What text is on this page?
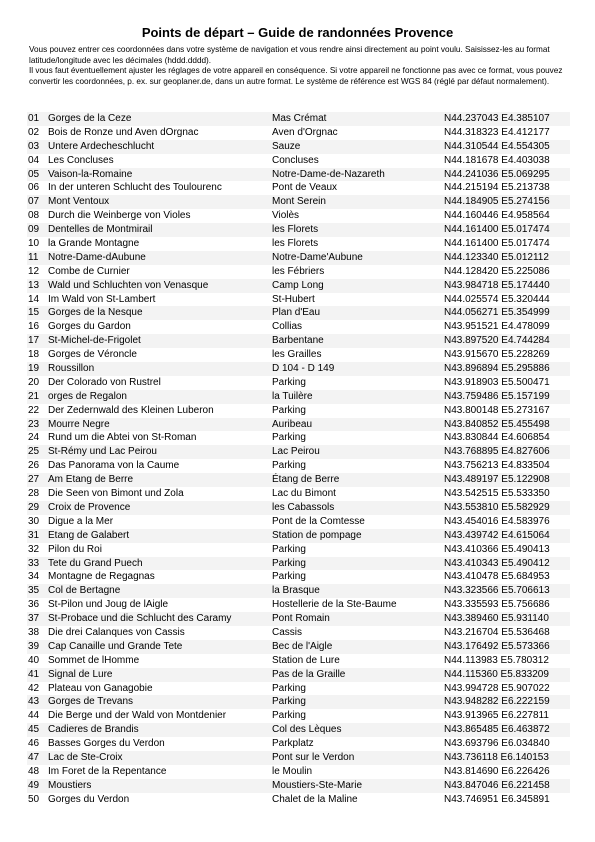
Points de départ – Guide de randonnées Provence

Vous pouvez entrer ces coordonnées dans votre système de navigation et vous rendre ainsi directement au point voulu. Saisissez-les au format latitude/longitude avec les décimales (hddd.dddd).

Il vous faut éventuellement ajuster les réglages de votre appareil en conséquence. Si votre appareil ne fonctionne pas avec ce format, vous pouvez convertir les coordonnées, p. ex. sur geoplaner.de, dans un autre format. Le système de référence est WGS 84 (réglé par défaut normalement).

01 Gorges de la Ceze	Mas Crémat	N44.237043 E4.385107
02 Bois de Ronze und Aven dOrgnac	Aven d'Orgnac	N44.318323 E4.412177
03 Untere Ardecheschlucht	Sauze	N44.310544 E4.554305
04 Les Concluses	Concluses	N44.181678 E4.403038
05 Vaison-la-Romaine	Notre-Dame-de-Nazareth	N44.241036 E5.069295
06 In der unteren Schlucht des Toulourenc	Pont de Veaux	N44.215194 E5.213738
07 Mont Ventoux	Mont Serein	N44.184905 E5.274156
08 Durch die Weinberge von Violes	Violès	N44.160446 E4.958564
09 Dentelles de Montmirail	les Florets	N44.161400 E5.017474
10 la Grande Montagne	les Florets	N44.161400 E5.017474
11 Notre-Dame-dAubune	Notre-Dame'Aubune	N44.123340 E5.012112
12 Combe de Curnier	les Fébriers	N44.128420 E5.225086
13 Wald und Schluchten von Venasque	Camp Long	N43.984718 E5.174440
14 Im Wald von St-Lambert	St-Hubert	N44.025574 E5.320444
15 Gorges de la Nesque	Plan d'Eau	N44.056271 E5.354999
16 Gorges du Gardon	Collias	N43.951521 E4.478099
17 St-Michel-de-Frigolet	Barbentane	N43.897520 E4.744284
18 Gorges de Véroncle	les Grailles	N43.915670 E5.228269
19 Roussillon	D 104 - D 149	N43.896894 E5.295886
20 Der Colorado von Rustrel	Parking	N43.918903 E5.500471
21 orges de Regalon	la Tuilère	N43.759486 E5.157199
22 Der Zedernwald des Kleinen Luberon	Parking	N43.800148 E5.273167
23 Mourre Negre	Auribeau	N43.840852 E5.455498
24 Rund um die Abtei von St-Roman	Parking	N43.830844 E4.606854
25 St-Rémy und Lac Peirou	Lac Peirou	N43.768895 E4.827606
26 Das Panorama von la Caume	Parking	N43.756213 E4.833504
27 Am Etang de Berre	Étang de Berre	N43.489197 E5.122908
28 Die Seen von Bimont und Zola	Lac du Bimont	N43.542515 E5.533350
29 Croix de Provence	les Cabassols	N43.553810 E5.582929
30 Digue a la Mer	Pont de la Comtesse	N43.454016 E4.583976
31 Etang de Galabert	Station de pompage	N43.439742 E4.615064
32 Pilon du Roi	Parking	N43.410366 E5.490413
33 Tete du Grand Puech	Parking	N43.410343 E5.490412
34 Montagne de Regagnas	Parking	N43.410478 E5.684953
35 Col de Bertagne	la Brasque	N43.323566 E5.706613
36 St-Pilon und Joug de lAigle	Hostellerie de la Ste-Baume	N43.335593 E5.756686
37 St-Probace und die Schlucht des Caramy	Pont Romain	N43.389460 E5.931140
38 Die drei Calanques von Cassis	Cassis	N43.216704 E5.536468
39 Cap Canaille und Grande Tete	Bec de l'Aigle	N43.176492 E5.573366
40 Sommet de lHomme	Station de Lure	N44.113983 E5.780312
41 Signal de Lure	Pas de la Graille	N44.115360 E5.833209
42 Plateau von Ganagobie	Parking	N43.994728 E5.907022
43 Gorges de Trevans	Parking	N43.948282 E6.222159
44 Die Berge und der Wald von Montdenier	Parking	N43.913965 E6.227811
45 Cadieres de Brandis	Col des Lèques	N43.865485 E6.463872
46 Basses Gorges du Verdon	Parkplatz	N43.693796 E6.034840
47 Lac de Ste-Croix	Pont sur le Verdon	N43.736118 E6.140153
48 Im Foret de la Repentance	le Moulin	N43.814690 E6.226426
49 Moustiers	Moustiers-Ste-Marie	N43.847046 E6.221458
50 Gorges du Verdon	Chalet de la Maline	N43.746951 E6.345891
